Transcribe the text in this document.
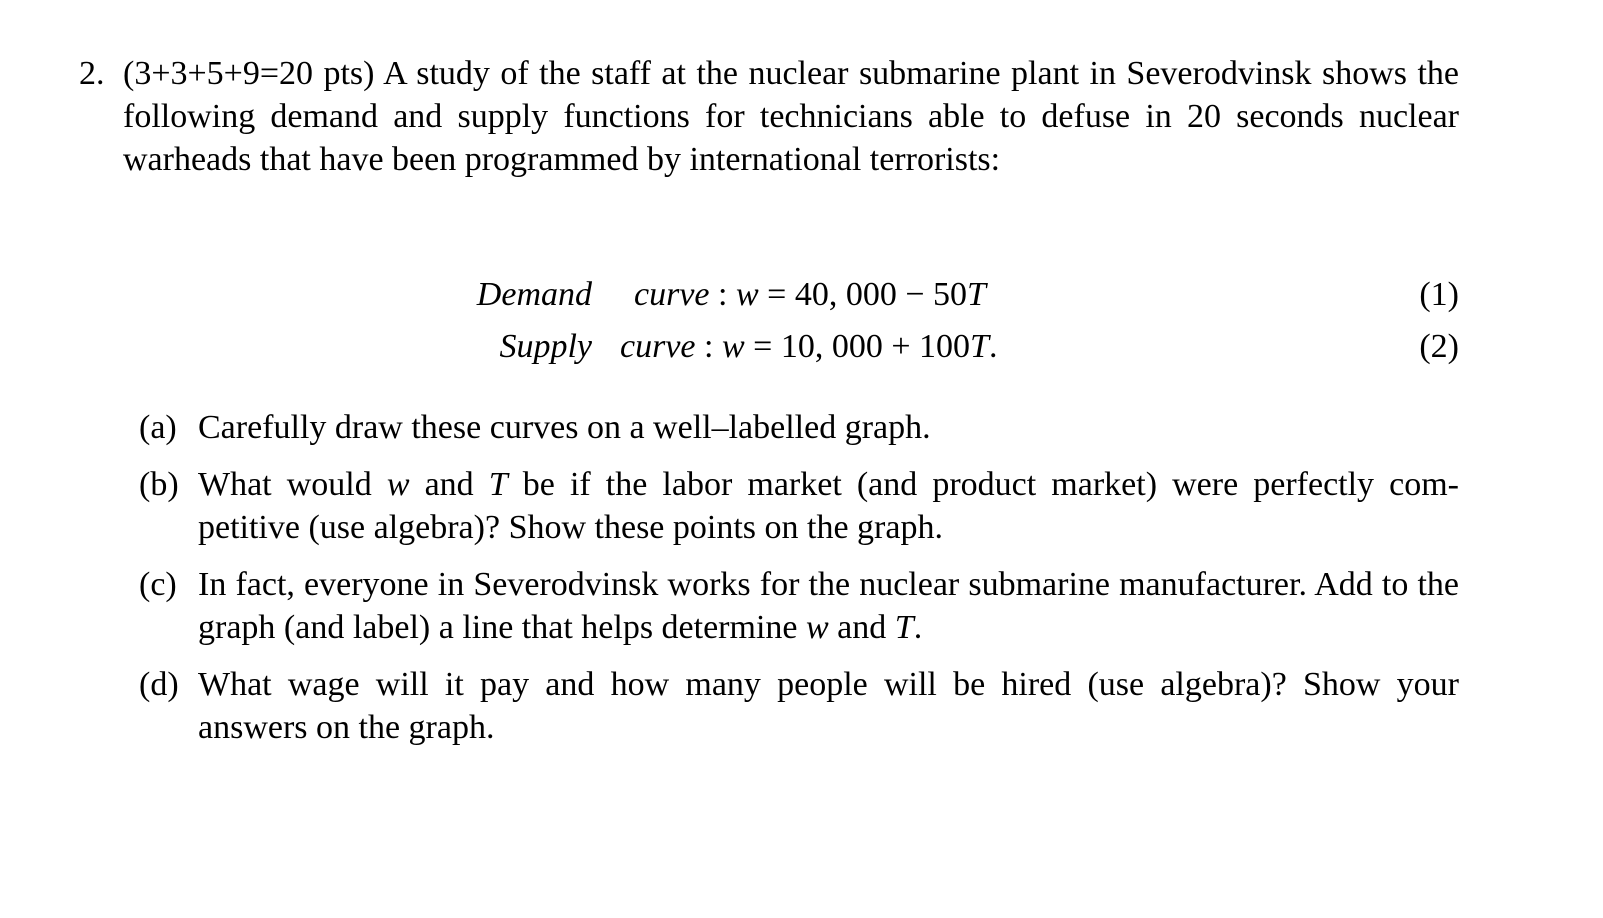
2. (3+3+5+9=20 pts) A study of the staff at the nuclear submarine plant in Severodvinsk shows the following demand and supply functions for technicians able to defuse in 20 seconds nuclear warheads that have been programmed by international terrorists:
Demand curve : w = 40, 000 − 50T	(1)
Supply curve : w = 10, 000 + 100T.	(2)
(a) Carefully draw these curves on a well–labelled graph.
(b) What would w and T be if the labor market (and product market) were perfectly com- petitive (use algebra)? Show these points on the graph.
(c) In fact, everyone in Severodvinsk works for the nuclear submarine manufacturer. Add to the graph (and label) a line that helps determine w and T.
(d) What wage will it pay and how many people will be hired (use algebra)? Show your answers on the graph.
